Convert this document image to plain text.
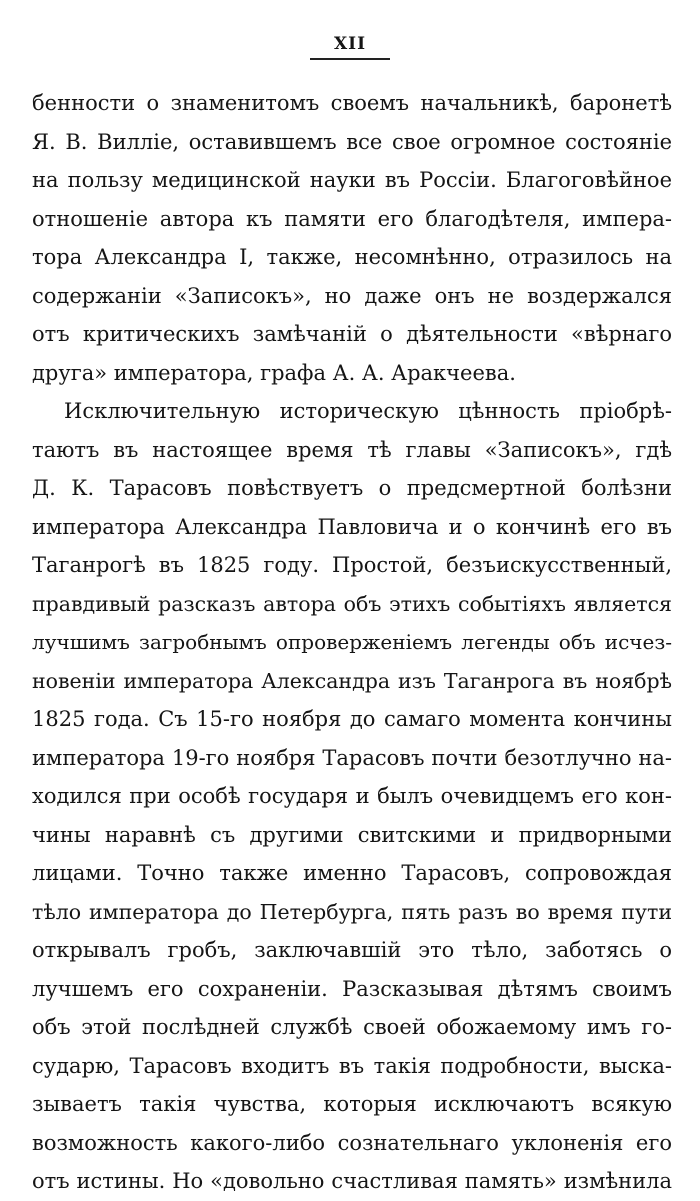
XII
бенности о знаменитомъ своемъ начальникѣ, баронетѣ
Я. В. Виллie, оставившемъ все свое огромное состоянie
на пользу медицинской науки въ Россіи. Благоговѣйное
отношеніе автора къ памяти его благодѣтеля, импера-
тора Александра I, также, несомнѣнно, отразилось на
содержаніи «Записокъ», но даже онъ не воздержался
отъ критическихъ замѣчаній о дѣятельности «вѣрнаго
друга» императора, графа А. А. Аракчеева.
Исключительную историческую цѣнность пріобрѣ-
таютъ въ настоящее время тѣ главы «Записокъ», гдѣ
Д. К. Тарасовъ повѣствуетъ о предсмертной болѣзни
императора Александра Павловича и о кончинѣ его въ
Таганрогѣ въ 1825 году. Простой, безъискусственный,
правдивый разсказъ автора объ этихъ событіяхъ является
лучшимъ загробнымъ опроверженіемъ легенды объ исчез-
новеніи императора Александра изъ Таганрога въ ноябрѣ
1825 года. Съ 15-го ноября до самаго момента кончины
императора 19-го ноября Тарасовъ почти безотлучно на-
ходился при особѣ государя и былъ очевидцемъ его кон-
чины наравнѣ съ другими свитскими и придворными
лицами. Точно также именно Тарасовъ, сопровождая
тѣло императора до Петербурга, пять разъ во время пути
открывалъ гробъ, заключавшій это тѣло, заботясь о
лучшемъ его сохраненіи. Разсказывая дѣтямъ своимъ
объ этой послѣдней службѣ своей обожаемому имъ го-
сударю, Тарасовъ входитъ въ такія подробности, выска-
зываетъ такія чувства, которыя исключаютъ всякую
возможность какого-либо сознательнаго уклоненія его
отъ истины. Но «довольно счастливая память» измѣнила
